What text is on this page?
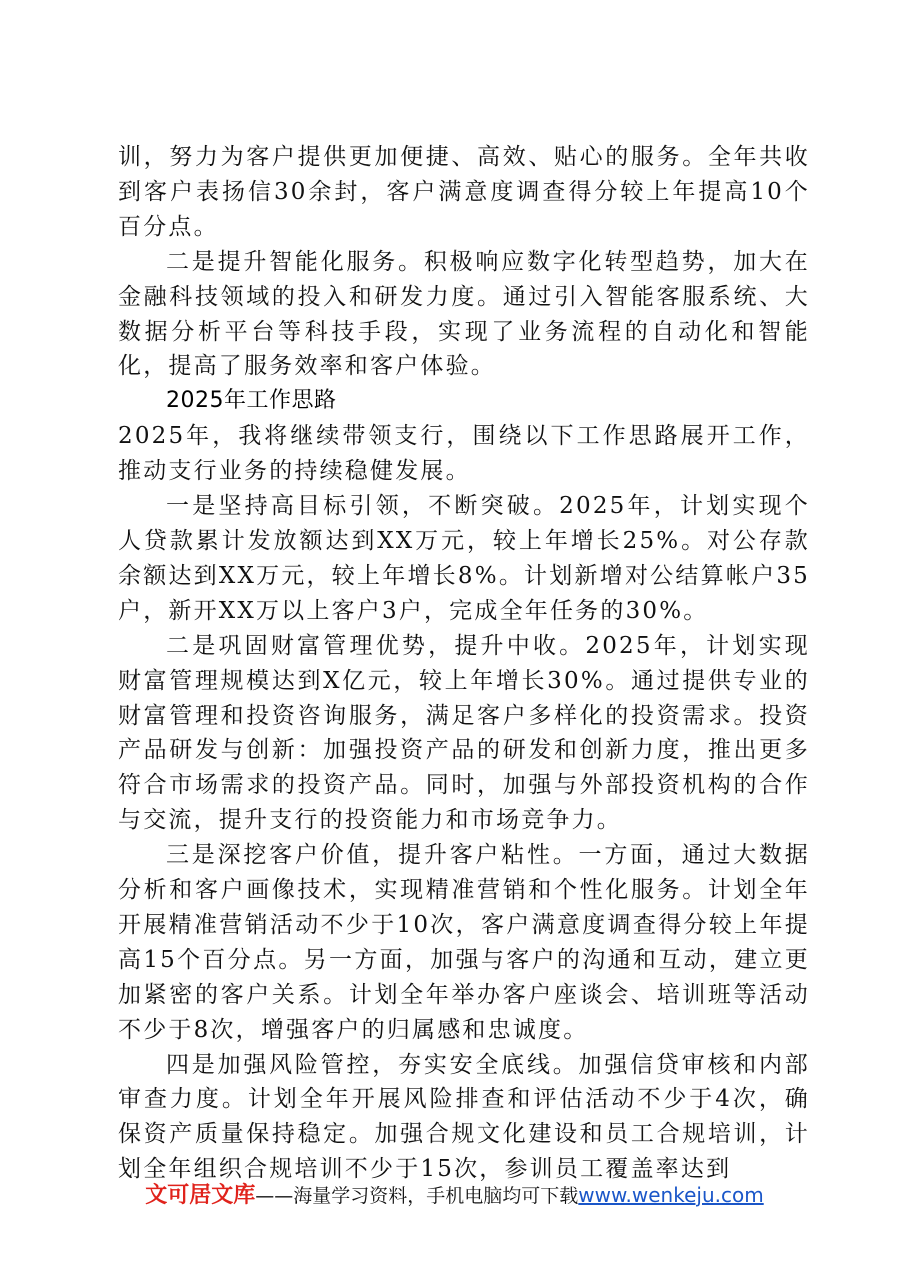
训，努力为客户提供更加便捷、高效、贴心的服务。全年共收到客户表扬信30余封，客户满意度调查得分较上年提高10个百分点。

二是提升智能化服务。积极响应数字化转型趋势，加大在金融科技领域的投入和研发力度。通过引入智能客服系统、大数据分析平台等科技手段，实现了业务流程的自动化和智能化，提高了服务效率和客户体验。

2025年工作思路

2025年，我将继续带领支行，围绕以下工作思路展开工作，推动支行业务的持续稳健发展。

一是坚持高目标引领，不断突破。2025年，计划实现个人贷款累计发放额达到XX万元，较上年增长25%。对公存款余额达到XX万元，较上年增长8%。计划新增对公结算帐户35户，新开XX万以上客户3户，完成全年任务的30%。

二是巩固财富管理优势，提升中收。2025年，计划实现财富管理规模达到X亿元，较上年增长30%。通过提供专业的财富管理和投资咨询服务，满足客户多样化的投资需求。投资产品研发与创新：加强投资产品的研发和创新力度，推出更多符合市场需求的投资产品。同时，加强与外部投资机构的合作与交流，提升支行的投资能力和市场竞争力。

三是深挖客户价值，提升客户粘性。一方面，通过大数据分析和客户画像技术，实现精准营销和个性化服务。计划全年开展精准营销活动不少于10次，客户满意度调查得分较上年提高15个百分点。另一方面，加强与客户的沟通和互动，建立更加紧密的客户关系。计划全年举办客户座谈会、培训班等活动不少于8次，增强客户的归属感和忠诚度。

四是加强风险管控，夯实安全底线。加强信贷审核和内部审查力度。计划全年开展风险排查和评估活动不少于4次，确保资产质量保持稳定。加强合规文化建设和员工合规培训，计划全年组织合规培训不少于15次，参训员工覆盖率达到

文可居文库——海量学习资料，手机电脑均可下载www.wenkeju.com
